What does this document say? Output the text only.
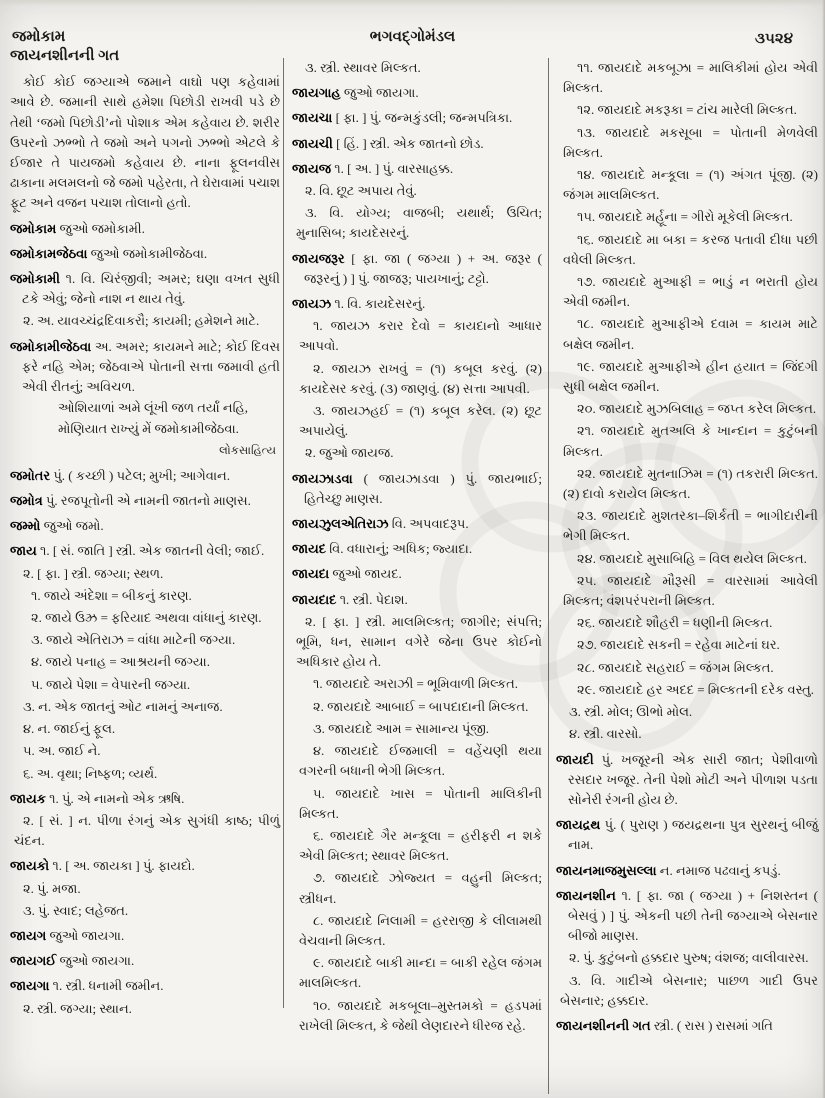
જમોકામ	ભગવદ્ગોમંડલ	૩૫૨૪
જાયનશીનની ગત
કોઈ કોઈ જગ્યાએ જમાને વાઘો પણ કહેવામાં આવે છે. જમાની સાથે હમેશા પિછોડી રાખવી પડે છે તેથી ‘જમો પિછોડી’નો પોશાક એમ કહેવાય છે. શરીર ઉપરનો ઝભ્ભો તે જમો અને પગનો ઝભ્ભો એટલે કે ઈજાર તે પાયજમો કહેવાય છે. નાના ફૂલનવીસ ઢાકાના મલમલનો જે જમો પહેરતા, તે ઘેરાવામાં પચાશ ફૂટ અને વજન પચાશ તોલાનો હતો.
જમોકામ જુઓ જમોકામી.
જમોકામજેઠવા જુઓ જમોકામીજેઠવા.
જમોકામી ૧. વિ. ચિરંજીવી; અમર; ઘણા વખત સુધી ટકે એવું; જેનો નાશ ન થાય તેવું.
૨. અ. યાવચ્ચંદ્રદિવાકરૌ; કાયમી; હમેશને માટે.
જમોકામીજેઠવા અ. અમર; કાયમને માટે; કોઈ દિવસ ફરે નહિ એમ; જેઠવાએ પોતાની સત્તા જમાવી હતી એવી રીતનું; અવિચળ.
ઓશિયાળાં અમે લૂંખી જળ તર્યાં નહિ,
મોણિયાત રાખ્યું મેં જમોકામીજેઠવા.
લોકસાહિત્ય
જમોતર પું. ( કચ્છી ) પટેલ; મુખી; આગેવાન.
જમોત્ર પું. રજપૂતોની એ નામની જાતનો માણસ.
જમ્મો જુઓ જમો.
જાય ૧. [ સં. જાતિ ] સ્ત્રી. એક જાતની વેલી; જાઈ.
૨. [ ફા. ] સ્ત્રી. જગ્યા; સ્થળ.
૧. જાયે અંદેશા = બીકનું કારણ.
૨. જાયે ઉઝ્ર = ફરિયાદ અથવા વાંધાનું કારણ.
૩. જાયે એતિરાઝ = વાંધા માટેની જગ્યા.
૪. જાયે પનાહ = આશ્રયની જગ્યા.
૫. જાયે પેશા = વેપારની જગ્યા.
૩. ન. એક જાતનું ઓટ નામનું અનાજ.
૪. ન. જાઈનું ફૂલ.
૫. અ. જાઈ ને.
૬. અ. વૃથા; નિષ્ફળ; વ્યર્થ.
જાયક ૧. પું. એ નામનો એક ઋષિ.
૨. [ સં. ] ન. પીળા રંગનું એક સુગંધી કાષ્ઠ; પીળું ચંદન.
જાયકો ૧. [ અ. જાયકા ] પું. ફાયદો.
૨. પું. મજા.
૩. પું. સ્વાદ; લહેજત.
જાયગ જુઓ જાયગા.
જાયગઈ જુઓ જાયગા.
જાયગા ૧. સ્ત્રી. ધનામી જમીન.
૨. સ્ત્રી. જગ્યા; સ્થાન.
૩. સ્ત્રી. સ્થાવર મિલ્કત.
જાયગાહ જુઓ જાયગા.
જાયચા [ ફા. ] પું. જન્મકુંડલી; જન્મપત્રિકા.
જાયચી [ હિં. ] સ્ત્રી. એક જાતનો છોડ.
જાયજ ૧. [ અ. ] પું. વારસાહક્ક.
૨. વિ. છૂટ અપાય તેવું.
૩. વિ. યોગ્ય; વાજબી; યથાર્થ; ઉચિત; મુનાસિબ; કાયદેસરનું.
જાયજરૂર [ ફા. જા ( જગ્યા ) + અ. જરૂર ( જરૂરનું ) ] પું. જાજરૂ; પાયખાનું; ટટ્ટો.
જાયઝ ૧. વિ. કાયદેસરનું.
૧. જાયઝ કરાર દેવો = કાયદાનો આધાર આપવો.
૨. જાયઝ રાખવું = (૧) કબૂલ કરવું. (૨) કાયદેસર કરવું. (૩) જાણવું. (૪) સત્તા આપવી.
૩. જાયઝહઈ = (૧) કબૂલ કરેલ. (૨) છૂટ અપાયેલું.
૨. જુઓ જાયજ.
જાયઝાડવા ( જાયઝાડવા ) પું. જાયભાઈ; હિતેચ્છુ માણસ.
જાયઝુલએતિરાઝ વિ. અપવાદરૂપ.
જાયદ વિ. વધારાનું; અધિક; જ્યાદા.
જાયદા જુઓ જાયદ.
જાયદાદ ૧. સ્ત્રી. પેદાશ.
૨. [ ફા. ] સ્ત્રી. માલમિલ્કત; જાગીર; સંપત્તિ; ભૂમિ, ધન, સામાન વગેરે જેના ઉપર કોઈનો અધિકાર હોય તે.
૧. જાયદાદે અરાઝી = ભૂમિવાળી મિલ્કત.
૨. જાયદાદે આબાઈ = બાપદાદાની મિલ્કત.
૩. જાયદાદે આમ = સામાન્ય પૂંજી.
૪. જાયદાદે ઈજમાલી = વહેંચણી થયા વગરની બધાની ભેગી મિલ્કત.
૫. જાયદાદે ખાસ = પોતાની માલિકીની મિલ્કત.
૬. જાયદાદે ગૈર મન્કૂલા = હરીફરી ન શકે એવી મિલ્કત; સ્થાવર મિલ્કત.
૭. જાયદાદે ઝોજ્યત = વહુની મિલ્કત; સ્ત્રીધન.
૮. જાયદાદે નિલામી = હરરાજી કે લીલામથી વેચવાની મિલ્કત.
૯. જાયદાદે બાકી માન્દા = બાકી રહેલ જંગમ માલમિલ્કત.
૧૦. જાયદાદે મકબૂલા–મુસ્તમકો = હડપમાં રાખેલી મિલ્કત, કે જેથી લેણદારને ધીરજ રહે.
૧૧. જાયદાદે મકબૂઝા = માલિકીમાં હોય એવી મિલ્કત.
૧૨. જાયદાદે મકરૂકા = ટાંચ મારેલી મિલ્કત.
૧૩. જાયદાદે મકસૂબા = પોતાની મેળવેલી મિલ્કત.
૧૪. જાયદાદે મન્કૂલા = (૧) અંગત પૂંજી. (૨) જંગમ માલમિલ્કત.
૧૫. જાયદાદે મર્હૂના = ગીરો મૂકેલી મિલ્કત.
૧૬. જાયદાદે મા બકા = કરજ પતાવી દીધા પછી વધેલી મિલ્કત.
૧૭. જાયદાદે મુઆફી = ભાડું ન ભરાતી હોય એવી જમીન.
૧૮. જાયદાદે મુઆફીએ દવામ = કાયમ માટે બક્ષેલ જમીન.
૧૯. જાયદાદે મુઆફીએ હીન હયાત = જિંદગી સુધી બક્ષેલ જમીન.
૨૦. જાયદાદે મુઝબિલાહ = જપ્ત કરેલ મિલ્કત.
૨૧. જાયદાદે મુતઅલિ કે ખાન્દાન = કુટુંબની મિલ્કત.
૨૨. જાયદાદે મુતનાઝિમ = (૧) તકરારી મિલ્કત. (૨) દાવો કરાયેલ મિલ્કત.
૨૩. જાયદાદે મુશતરકા–શિર્કતી = ભાગીદારીની ભેગી મિલ્કત.
૨૪. જાયદાદે મુસાબિહિ = વિલ થયેલ મિલ્કત.
૨૫. જાયદાદે મૌરૂસી = વારસામાં આવેલી મિલ્કત; વંશપરંપરાની મિલ્કત.
૨૬. જાયદાદે શૌહરી = ધણીની મિલ્કત.
૨૭. જાયદાદે સકની = રહેવા માટેનાં ઘર.
૨૮. જાયદાદે સહરાઈ = જંગમ મિલ્કત.
૨૯. જાયદાદે હર અદદ = મિલ્કતની દરેક વસ્તુ.
૩. સ્ત્રી. મોલ; ઊભો મોલ.
૪. સ્ત્રી. વારસો.
જાયદી પું. ખજૂરની એક સારી જાત; પેશીવાળો રસદાર ખજૂર. તેની પેશો મોટી અને પીળાશ પડતા સોનેરી રંગની હોય છે.
જાયદ્રથ પું. ( પુરાણ ) જયદ્રથના પુત્ર સુરથનું બીજું નામ.
જાયનમાજમુસલ્લા ન. નમાજ પઢવાનું કપડું.
જાયનશીન ૧. [ ફા. જા ( જગ્યા ) + નિશસ્તન ( બેસવું ) ] પું. એકની પછી તેની જગ્યાએ બેસનાર બીજો માણસ.
૨. પું. કુટુંબનો હક્કદાર પુરુષ; વંશજ; વાલીવારસ.
૩. વિ. ગાદીએ બેસનાર; પાછળ ગાદી ઉપર બેસનાર; હક્કદાર.
જાયનશીનની ગત સ્ત્રી. ( રાસ ) રાસમાં ગતિ
